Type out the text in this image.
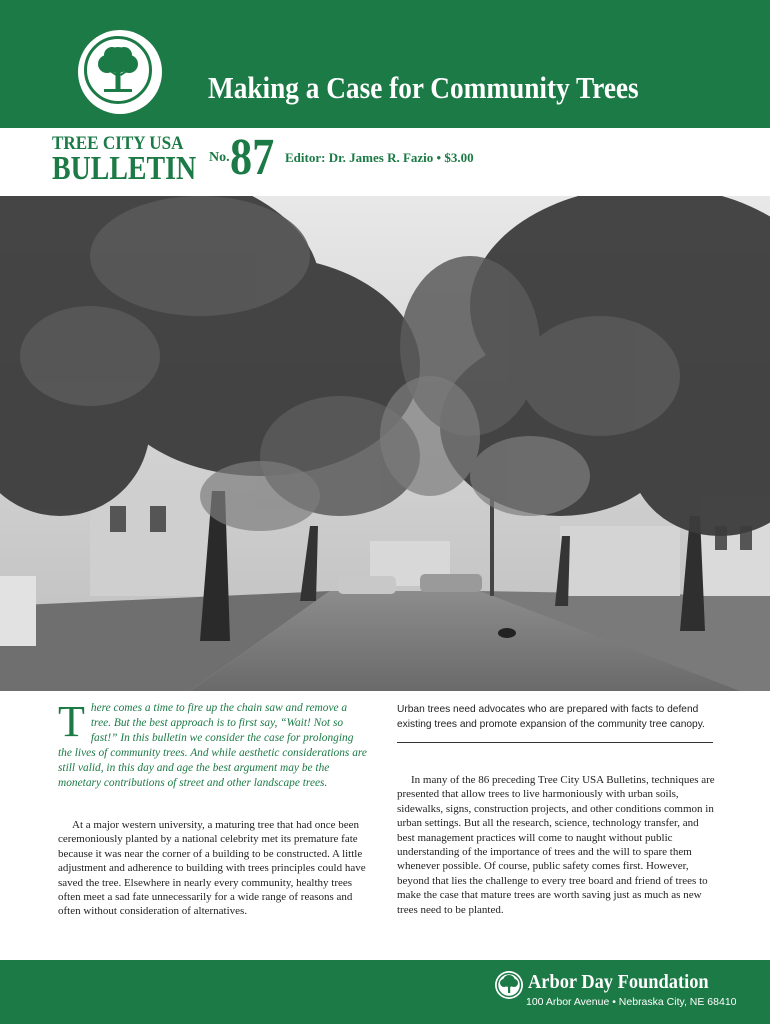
Making a Case for Community Trees
TREE CITY USA
BULLETIN No. 87 Editor: Dr. James R. Fazio • $3.00
There comes a time to fire up the chain saw and remove a tree. But the best approach is to first say, “Wait! Not so fast!” In this bulletin we consider the case for prolonging the lives of community trees. And while aesthetic considerations are still valid, in this day and age the best argument may be the monetary contributions of street and other landscape trees.
At a major western university, a maturing tree that had once been ceremoniously planted by a national celebrity met its premature fate because it was near the corner of a building to be constructed. A little adjustment and adherence to building with trees principles could have saved the tree. Elsewhere in nearly every community, healthy trees often meet a sad fate unnecessarily for a wide range of reasons and often without consideration of alternatives.
Urban trees need advocates who are prepared with facts to defend existing trees and promote expansion of the community tree canopy.
In many of the 86 preceding Tree City USA Bulletins, techniques are presented that allow trees to live harmoniously with urban soils, sidewalks, signs, construction projects, and other conditions common in urban settings. But all the research, science, technology transfer, and best management practices will come to naught without public understanding of the importance of trees and the will to spare them whenever possible. Of course, public safety comes first. However, beyond that lies the challenge to every tree board and friend of trees to make the case that mature trees are worth saving just as much as new trees need to be planted.
Arbor Day Foundation
100 Arbor Avenue • Nebraska City, NE 68410
